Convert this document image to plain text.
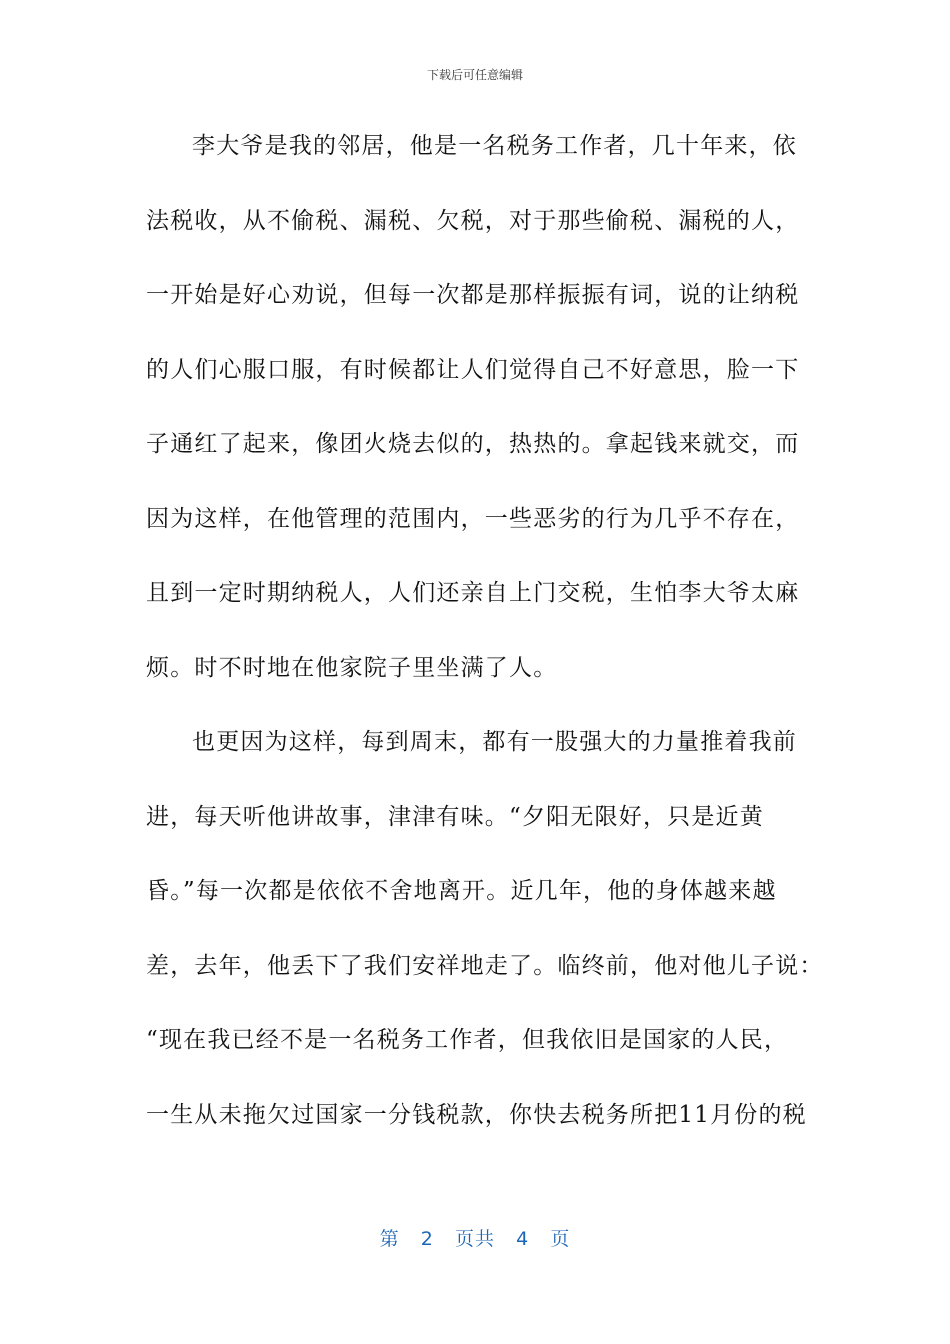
下载后可任意编辑
李大爷是我的邻居，他是一名税务工作者，几十年来，依
法税收，从不偷税、漏税、欠税，对于那些偷税、漏税的人，
一开始是好心劝说，但每一次都是那样振振有词，说的让纳税
的人们心服口服，有时候都让人们觉得自己不好意思，脸一下
子通红了起来，像团火烧去似的，热热的。拿起钱来就交，而
因为这样，在他管理的范围内，一些恶劣的行为几乎不存在，
且到一定时期纳税人，人们还亲自上门交税，生怕李大爷太麻
烦。时不时地在他家院子里坐满了人。
也更因为这样，每到周末，都有一股强大的力量推着我前
进，每天听他讲故事，津津有味。“夕阳无限好，只是近黄
昏。”每一次都是依依不舍地离开。近几年，他的身体越来越
差，去年，他丢下了我们安祥地走了。临终前，他对他儿子说：
“现在我已经不是一名税务工作者，但我依旧是国家的人民，
一生从未拖欠过国家一分钱税款，你快去税务所把11月份的税
第 2 页共 4 页
